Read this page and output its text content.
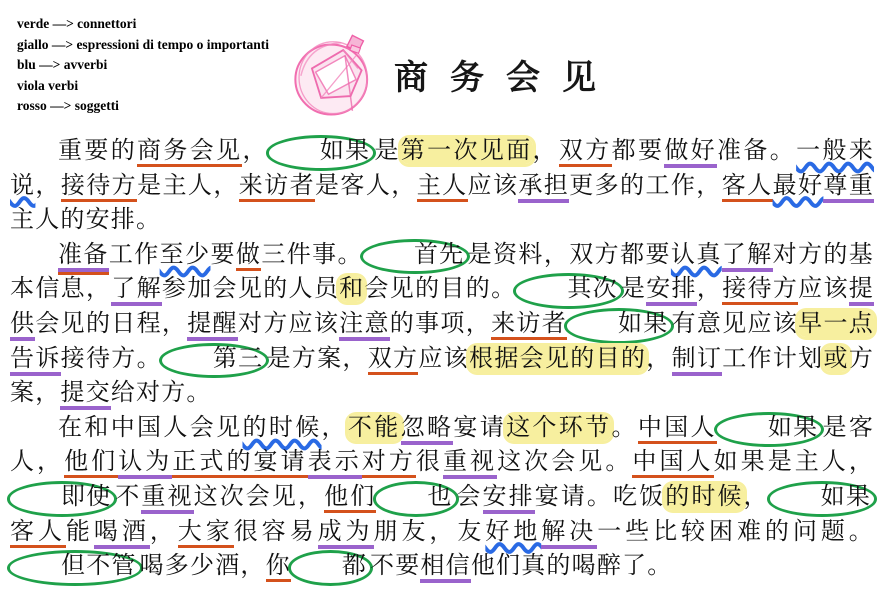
verde —> connettori
giallo —> espressioni di tempo o importanti
blu —> avverbi
viola verbi
rosso —> soggetti
商务会见

重要的商务会见， 如果 是第一次见面，双方都要做好准备。一般来说，接待方是主人，来访者是客人，主人应该承担更多的工作，客人最好尊重主人的安排。

准备工作至少要做三件事。 首先 是资料，双方都要认真了解对方的基本信息，了解参加会见的人员和会见的目的。 其次 是安排，接待方应该提供会见的日程，提醒对方应该注意的事项，来访者 如果 有意见应该早一点告诉接待方。 第三 是方案，双方应该根据会见的目的，制订工作计划或方案，提交给对方。

在和中国人会见的时候，不能忽略宴请这个环节。中国人 如果 是客人，他们认为正式的宴请表示对方很重视这次会见。中国人如果是主人，即使 不重视这次会见，他们 也 会安排宴请。吃饭的时候， 如果客人能喝酒，大家很容易成为朋友，友好地解决一些比较困难的问题。但不管 喝多少酒，你 都 不要相信他们真的喝醉了。
